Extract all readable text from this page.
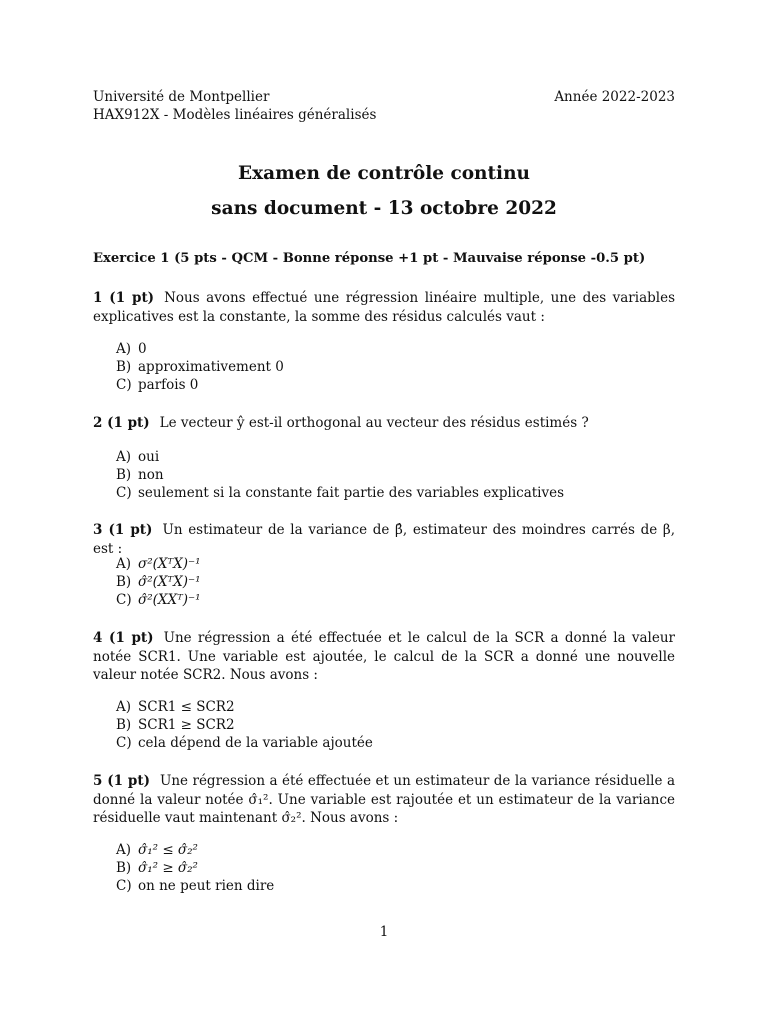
Université de Montpellier	Année 2022-2023
HAX912X - Modèles linéaires généralisés
Examen de contrôle continu
sans document - 13 octobre 2022
Exercice 1 (5 pts - QCM - Bonne réponse +1 pt - Mauvaise réponse -0.5 pt)
1 (1 pt) Nous avons effectué une régression linéaire multiple, une des variables explicatives est la constante, la somme des résidus calculés vaut :
A) 0
B) approximativement 0
C) parfois 0
2 (1 pt) Le vecteur ŷ est-il orthogonal au vecteur des résidus estimés ?
A) oui
B) non
C) seulement si la constante fait partie des variables explicatives
3 (1 pt) Un estimateur de la variance de β̂, estimateur des moindres carrés de β, est :
A) σ²(XᵀX)⁻¹
B) σ̂²(XᵀX)⁻¹
C) σ̂²(XXᵀ)⁻¹
4 (1 pt) Une régression a été effectuée et le calcul de la SCR a donné la valeur notée SCR1. Une variable est ajoutée, le calcul de la SCR a donné une nouvelle valeur notée SCR2. Nous avons :
A) SCR1 ≤ SCR2
B) SCR1 ≥ SCR2
C) cela dépend de la variable ajoutée
5 (1 pt) Une régression a été effectuée et un estimateur de la variance résiduelle a donné la valeur notée σ̂₁². Une variable est rajoutée et un estimateur de la variance résiduelle vaut maintenant σ̂₂². Nous avons :
A) σ̂₁² ≤ σ̂₂²
B) σ̂₁² ≥ σ̂₂²
C) on ne peut rien dire
1
